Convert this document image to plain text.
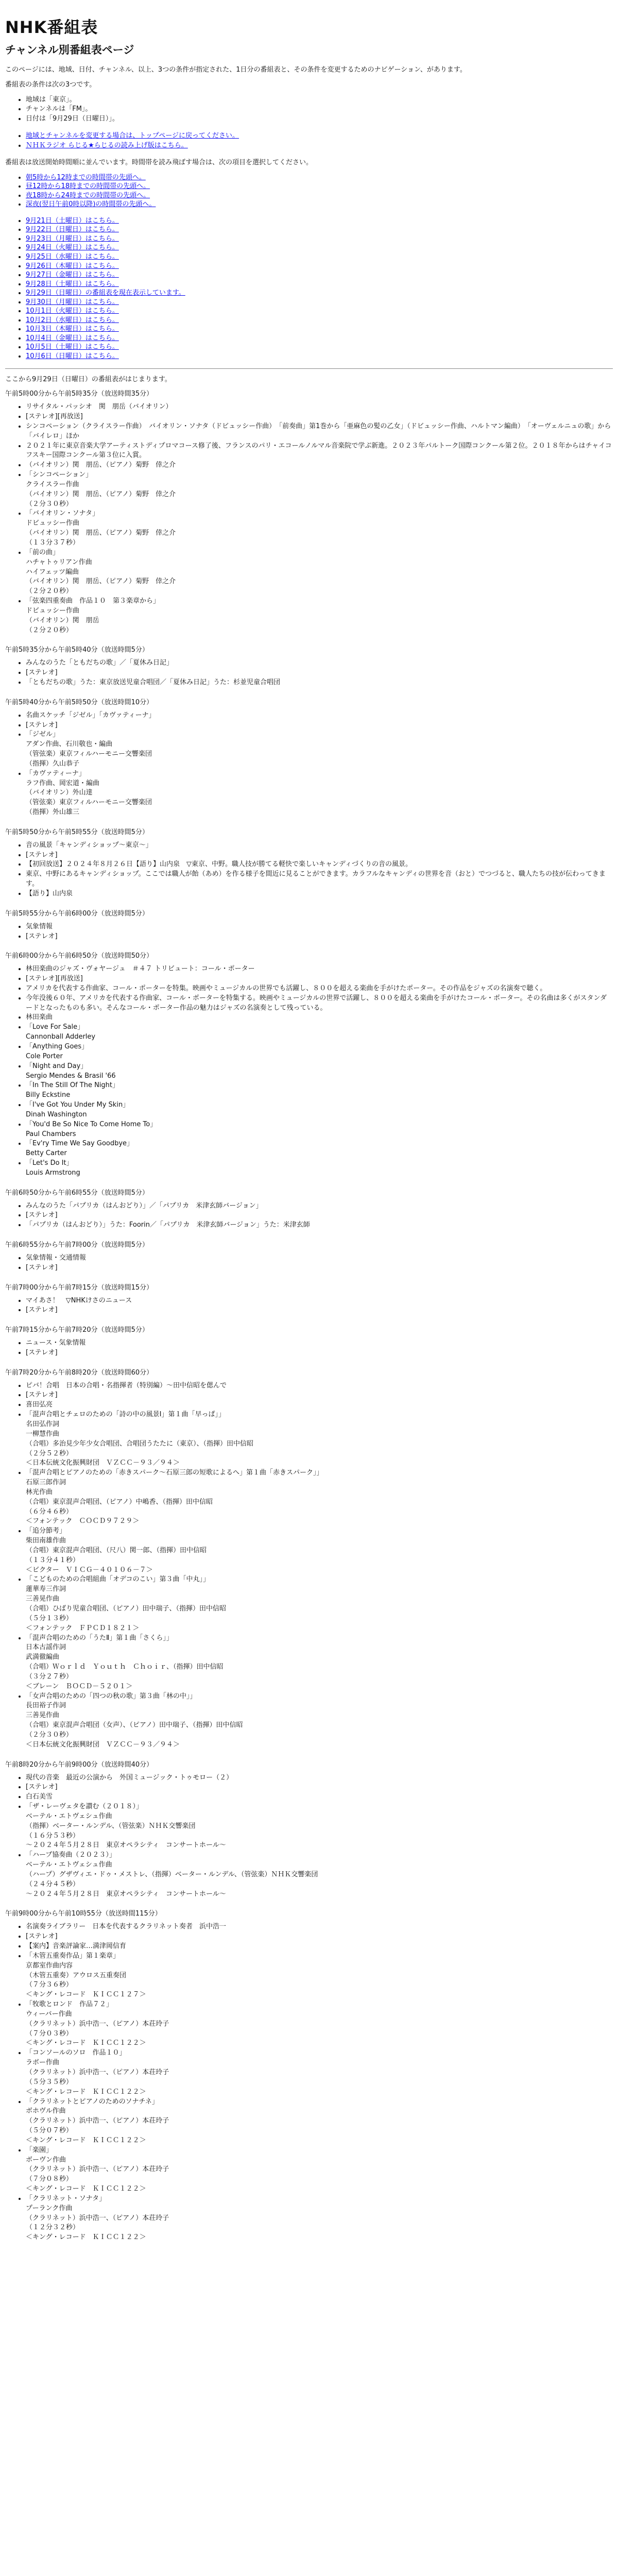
NHK番組表
チャンネル別番組表ページ

このページには、地域、日付、チャンネル、以上、3つの条件が指定された、1日分の番組表と、その条件を変更するためのナビゲーション、があります。

番組表の条件は次の3つです。

• 地域は「東京」。
• チャンネルは「FM」。
• 日付は「9月29日（日曜日）」。
• 地域とチャンネルを変更する場合は、トップページに戻ってください。
• ＮＨＫラジオ らじる★らじるの読み上げ版はこちら。

番組表は放送開始時間順に並んでいます。時間帯を読み飛ばす場合は、次の項目を選択してください。

• 朝5時から12時までの時間帯の先頭へ。
• 昼12時から18時までの時間帯の先頭へ。
• 夜18時から24時までの時間帯の先頭へ。
• 深夜(翌日午前0時以降)の時間帯の先頭へ。
• 9月21日（土曜日）はこちら。
• 9月22日（日曜日）はこちら。
• 9月23日（月曜日）はこちら。
• 9月24日（火曜日）はこちら。
• 9月25日（水曜日）はこちら。
• 9月26日（木曜日）はこちら。
• 9月27日（金曜日）はこちら。
• 9月28日（土曜日）はこちら。
• 9月29日（日曜日）の番組表を現在表示しています。
• 9月30日（月曜日）はこちら。
• 10月1日（火曜日）はこちら。
• 10月2日（水曜日）はこちら。
• 10月3日（木曜日）はこちら。
• 10月4日（金曜日）はこちら。
• 10月5日（土曜日）はこちら。
• 10月6日（日曜日）はこちら。

ここから9月29日（日曜日）の番組表がはじまります。

午前5時00分から午前5時35分（放送時間35分）
• リサイタル・パッシオ　関　朋岳（バイオリン）
• [ステレオ][再放送]
• シンコペーション（クライスラー作曲）　バイオリン・ソナタ（ドビュッシー作曲）　「前奏曲」第1巻から「亜麻色の髪の乙女」（ドビュッシー作曲、ハルトマン編曲）　「オーヴェルニュの歌」から「バイレロ」ほか
• ２０２１年に東京音楽大学アーティストディプロマコース修了後、フランスのパリ・エコールノルマル音楽院で学ぶ新進。２０２３年パルトーク国際コンクール第２位。２０１８年からはチャイコフスキー国際コンクール第３位に入賞。
• （バイオリン）関　朋岳、（ピアノ）菊野　倖之介
• 「シンコペーション」
クライスラー作曲
（バイオリン）関　朋岳、（ピアノ）菊野　倖之介
（２分３０秒）
• 「バイオリン・ソナタ」
ドビュッシー作曲
（バイオリン）関　朋岳、（ピアノ）菊野　倖之介
（１３分３７秒）
• 「前の曲」
ハチャトゥリアン作曲
ハイフェッツ編曲
（バイオリン）関　朋岳、（ピアノ）菊野　倖之介
（２分２０秒）
• 「弦楽四重奏曲　作品１０　第３楽章から」
ドビュッシー作曲
（バイオリン）関　朋岳
（２分２０秒）
午前5時35分から午前5時40分（放送時間5分）
• みんなのうた「ともだちの歌」／「夏休み日記」
• [ステレオ]
• 「ともだちの歌」うた：東京放送児童合唱団／「夏休み日記」うた：杉並児童合唱団
午前5時40分から午前5時50分（放送時間10分）
• 名曲スケッチ「ジゼル」「カヴァティーナ」
• [ステレオ]
• 「ジゼル」
アダン作曲、石川敬也・編曲
（管弦楽）東京フィルハーモニー交響楽団
（指揮）久山恭子
• 「カヴァティーナ」
ラフ作曲、岡宏道・編曲
（バイオリン）外山達
（管弦楽）東京フィルハーモニー交響楽団
（指揮）外山雄三
午前5時50分から午前5時55分（放送時間5分）
• 音の風景「キャンディショップ〜東京〜」
• [ステレオ]
• 【初回放送】２０２４年８月２６日【語り】山内泉　▽東京、中野。職人技が勝てる軽快で楽しいキャンディづくりの音の風景。
• 東京、中野にあるキャンディショップ。ここでは職人が飴（あめ）を作る様子を間近に見ることができます。カラフルなキャンディの世界を音（おと）でつづると、職人たちの技が伝わってきます。
• 【語り】山内泉
午前5時55分から午前6時00分（放送時間5分）
• 気象情報
• [ステレオ]
午前6時00分から午前6時50分（放送時間50分）
• 林田楽曲のジャズ・ヴォヤージュ　＃４７ トリビュート：コール・ポーター
• [ステレオ][再放送]
• アメリカを代表する作曲家、コール・ポーターを特集。映画やミュージカルの世界でも活躍し、８００を超える楽曲を手がけたポーター。その作品をジャズの名演奏で聴く。
• 今年没後６０年、アメリカを代表する作曲家、コール・ポーターを特集する。映画やミュージカルの世界で活躍し、８００を超える楽曲を手がけたコール・ポーター。その名曲は多くがスタンダードとなったものも多い。そんなコール・ポーター作品の魅力はジャズの名演奏として残っている。
• 林田楽曲
• 「Love For Sale」
Cannonball Adderley
• 「Anything Goes」
Cole Porter
• 「Night and Day」
Sergio Mendes & Brasil '66
• 「In The Still Of The Night」
Billy Eckstine
• 「I've Got You Under My Skin」
Dinah Washington
• 「You'd Be So Nice To Come Home To」
Paul Chambers
• 「Ev'ry Time We Say Goodbye」
Betty Carter
• 「Let's Do It」
Louis Armstrong
午前6時50分から午前6時55分（放送時間5分）
• みんなのうた「パプリカ（はんおどり）」／「パプリカ　米津玄師バージョン」
• [ステレオ]
• 「パプリカ（はんおどり）」うた：Foorin／「パプリカ　米津玄師バージョン」うた：米津玄師
午前6時55分から午前7時00分（放送時間5分）
• 気象情報・交通情報
• [ステレオ]
午前7時00分から午前7時15分（放送時間15分）
• マイあさ！　▽NHKけさのニュース
• [ステレオ]
午前7時15分から午前7時20分（放送時間5分）
• ニュース・気象情報
• [ステレオ]
午前7時20分から午前8時20分（放送時間60分）
• ピバ！合唱　日本の合唱・名指揮者（特別編）〜田中信昭を偲んで
• [ステレオ]
• 喜田弘亮
• 「混声合唱とチェロのための「詩の中の風景Ⅰ」第１曲「早っぱ」」
名田弘作詞
一柳慧作曲
（合唱）多治見少年少女合唱団、合唱団うたたに（東京）、（指揮）田中信昭
（２分５２秒）
＜日本伝統文化振興財団　ＶＺＣＣ－９３／９４＞
• 「混声合唱とピアノのための「赤きスパーク～石原三郎の短歌によるへ」第１曲「赤きスパーク」」
石原三郎作詞
林光作曲
（合唱）東京混声合唱団、（ピアノ）中嶋香、（指揮）田中信昭
（６分４６秒）
＜フォンテック　ＣＯＣＤ９７２９＞
• 「追分節考」
柴田南雄作曲
（合唱）東京混声合唱団、（尺八）関一郎、（指揮）田中信昭
（１３分４１秒）
＜ビクター　ＶＩＣＧ－４０１０６－７＞
• 「こどものための合唱組曲「オデコのこい」第３曲「中丸」」
蓮華寿三作詞
三善晃作曲
（合唱）ひばり児童合唱団、（ピアノ）田中瑞子、（指揮）田中信昭
（５分１３秒）
＜フォンテック　ＦＰＣＤ１８２１＞
• 「混声合唱のための「うたⅡ」第１曲「さくら」」
日本古謡作詞
武満徹編曲
（合唱）Ｗｏｒｌｄ　Ｙｏｕｔｈ　Ｃｈｏｉｒ、（指揮）田中信昭
（３分２７秒）
＜ブレーン　ＢＯＣＤ－５２０１＞
• 「女声合唱のための「四つの秋の歌」第３曲「林の中」」
長田裕子作詞
三善晃作曲
（合唱）東京混声合唱団（女声）、（ピアノ）田中瑞子、（指揮）田中信昭
（２分３０秒）
＜日本伝統文化振興財団　ＶＺＣＣ－９３／９４＞
午前8時20分から午前9時00分（放送時間40分）
• 現代の音楽　最近の公演から　外国ミュージック・トゥモロー（２）
• [ステレオ]
• 白石美雪
• 「ザ・レーヴェタを讃む（２０１８）」
ベーテル・エトヴェシュ作曲
（指揮）ベーター・ルンデル、（管弦楽）ＮＨＫ交響楽団
（１６分５３秒）
～２０２４年５月２８日　東京オペラシティ　コンサートホール～
• 「ハープ協奏曲（２０２３）」
ベーテル・エトヴェシュ作曲
（ハープ）グザヴィエ・ドゥ・メストレ、（指揮）ベーター・ルンデル、（管弦楽）ＮＨＫ交響楽団
（２４分４５秒）
～２０２４年５月２８日　東京オペラシティ　コンサートホール～
午前9時00分から午前10時55分（放送時間115分）
• 名演奏ライブラリー　日本を代表するクラリネット奏者　浜中浩一
• [ステレオ]
• 【案内】音楽評論家…満津岡信育
• 「木管五重奏作品」第１楽章」
京都室作曲内容
（木管五重奏）アウロス五重奏団
（７分３６秒）
＜キング・レコード　ＫＩＣＣ１２７＞
• 「牧歌とロンド　作品７２」
ウィーバー作曲
（クラリネット）浜中浩一、（ピアノ）本荘玲子
（７分０３秒）
＜キング・レコード　ＫＩＣＣ１２２＞
• 「コンソールのソロ　作品１０」
ラボー作曲
（クラリネット）浜中浩一、（ピアノ）本荘玲子
（５分３５秒）
＜キング・レコード　ＫＩＣＣ１２２＞
• 「クラリネットとピアノのためのソナチネ」
ボホヴル作曲
（クラリネット）浜中浩一、（ピアノ）本荘玲子
（５分０７秒）
＜キング・レコード　ＫＩＣＣ１２２＞
• 「楽園」
ボーヴン作曲
（クラリネット）浜中浩一、（ピアノ）本荘玲子
（７分０８秒）
＜キング・レコード　ＫＩＣＣ１２２＞
• 「クラリネット・ソナタ」
プーランク作曲
（クラリネット）浜中浩一、（ピアノ）本荘玲子
（１２分３２秒）
＜キング・レコード　ＫＩＣＣ１２２＞
